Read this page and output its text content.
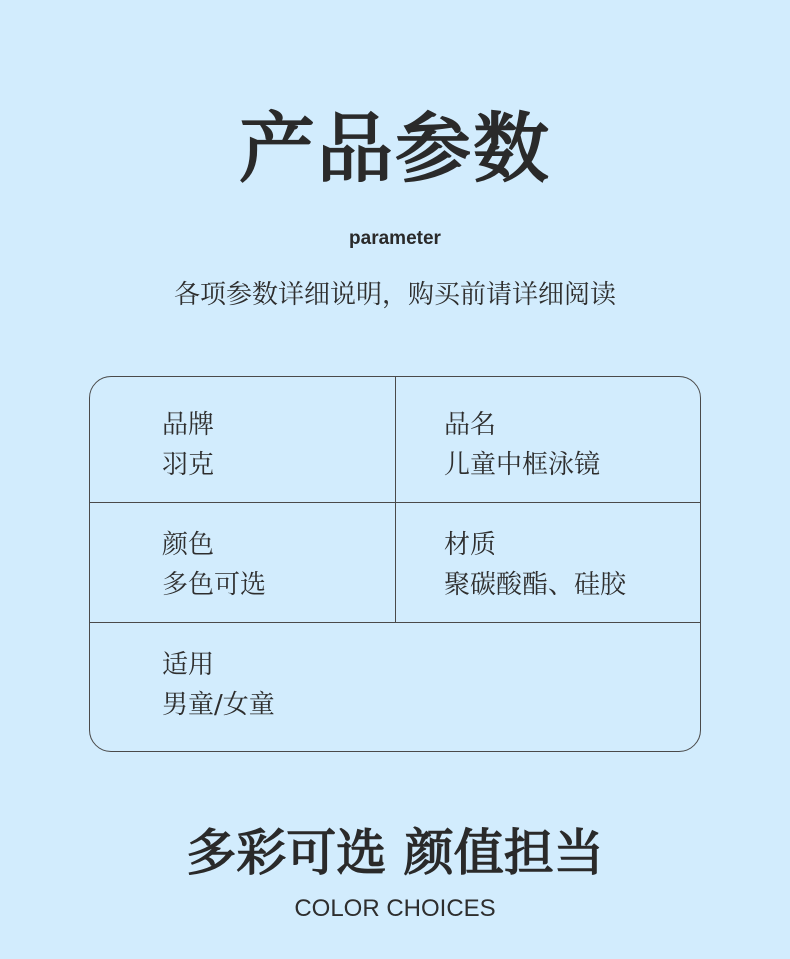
产品参数
parameter
各项参数详细说明，购买前请详细阅读
品牌
羽克
品名
儿童中框泳镜
颜色
多色可选
材质
聚碳酸酯、硅胶
适用
男童/女童
多彩可选 颜值担当
COLOR CHOICES
